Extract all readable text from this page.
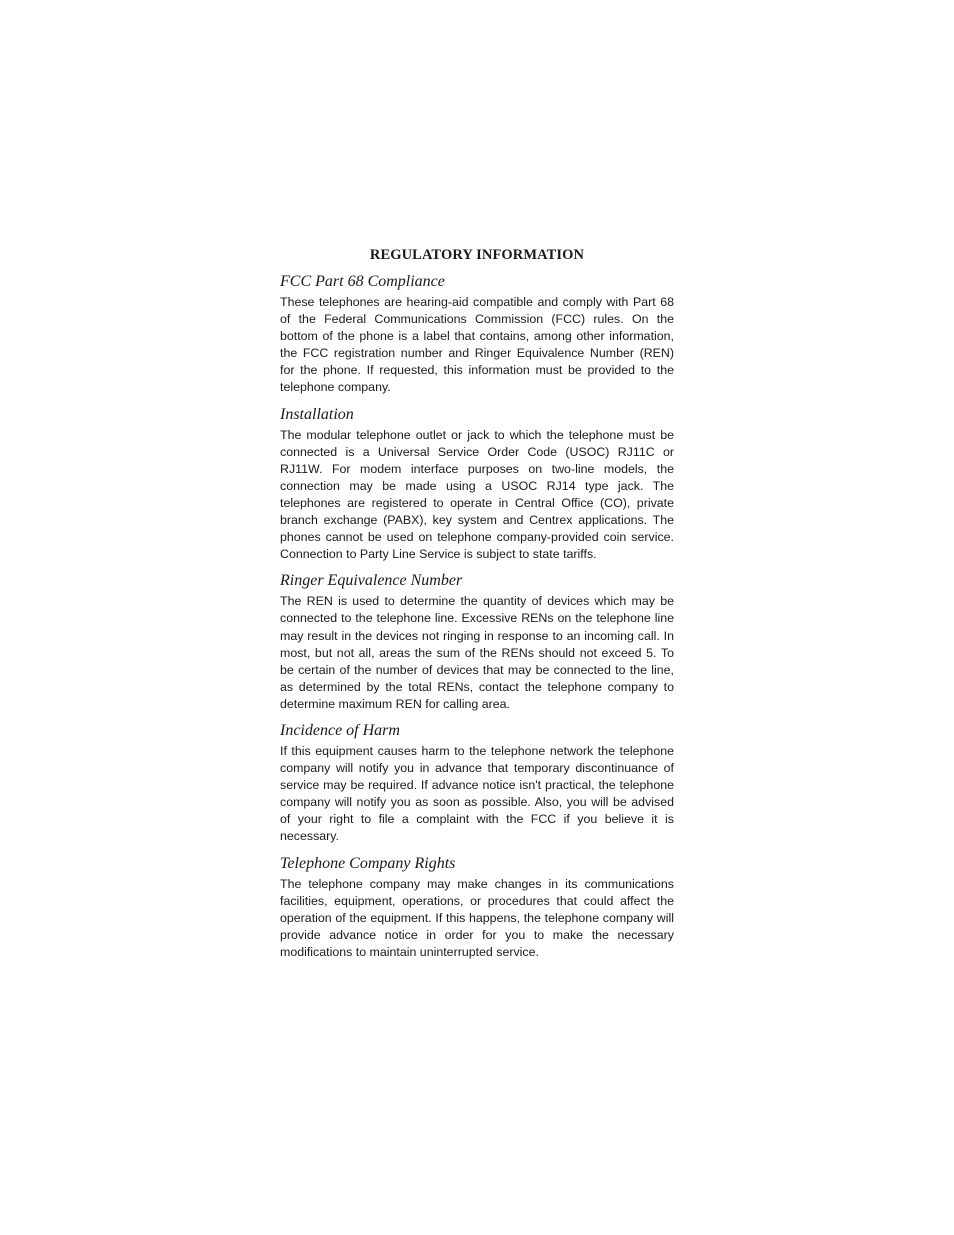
REGULATORY INFORMATION
FCC Part 68 Compliance

These telephones are hearing-aid compatible and comply with Part 68 of the Federal Communications Commission (FCC) rules. On the bottom of the phone is a label that contains, among other information, the FCC registration number and Ringer Equivalence Number (REN) for the phone. If requested, this information must be provided to the telephone company.

Installation

The modular telephone outlet or jack to which the telephone must be connected is a Universal Service Order Code (USOC) RJ11C or RJ11W. For modem interface purposes on two-line models, the connection may be made using a USOC RJ14 type jack. The telephones are registered to operate in Central Office (CO), private branch exchange (PABX), key system and Centrex applications. The phones cannot be used on telephone company-provided coin service. Connection to Party Line Service is subject to state tariffs.

Ringer Equivalence Number

The REN is used to determine the quantity of devices which may be connected to the telephone line. Excessive RENs on the telephone line may result in the devices not ringing in response to an incoming call. In most, but not all, areas the sum of the RENs should not exceed 5. To be certain of the number of devices that may be connected to the line, as determined by the total RENs, contact the telephone company to determine maximum REN for calling area.

Incidence of Harm

If this equipment causes harm to the telephone network the telephone company will notify you in advance that temporary discontinuance of service may be required. If advance notice isn't practical, the telephone company will notify you as soon as possible. Also, you will be advised of your right to file a complaint with the FCC if you believe it is necessary.

Telephone Company Rights

The telephone company may make changes in its communications facilities, equipment, operations, or procedures that could affect the operation of the equipment. If this happens, the telephone company will provide advance notice in order for you to make the necessary modifications to maintain uninterrupted service.
